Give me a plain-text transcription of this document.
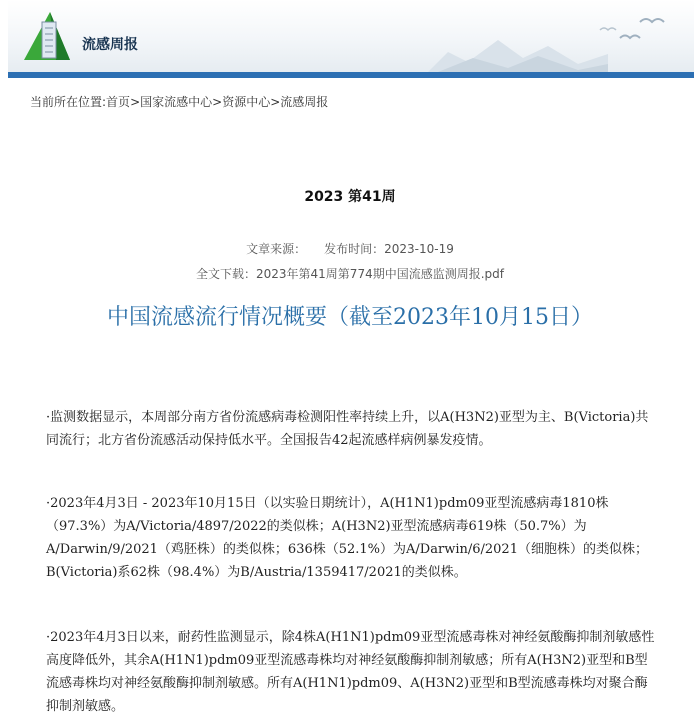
流感周报
当前所在位置:首页>国家流感中心>资源中心>流感周报
2023 第41周
文章来源： 发布时间：2023-10-19
全文下载：2023年第41周第774期中国流感监测周报.pdf
中国流感流行情况概要（截至2023年10月15日）
·监测数据显示，本周部分南方省份流感病毒检测阳性率持续上升，以A(H3N2)亚型为主、B(Victoria)共同流行；北方省份流感活动保持低水平。全国报告42起流感样病例暴发疫情。
·2023年4月3日 - 2023年10月15日（以实验日期统计），A(H1N1)pdm09亚型流感病毒1810株（97.3%）为A/Victoria/4897/2022的类似株；A(H3N2)亚型流感病毒619株（50.7%）为A/Darwin/9/2021（鸡胚株）的类似株；636株（52.1%）为A/Darwin/6/2021（细胞株）的类似株；B(Victoria)系62株（98.4%）为B/Austria/1359417/2021的类似株。
·2023年4月3日以来，耐药性监测显示，除4株A(H1N1)pdm09亚型流感毒株对神经氨酸酶抑制剂敏感性高度降低外，其余A(H1N1)pdm09亚型流感毒株均对神经氨酸酶抑制剂敏感；所有A(H3N2)亚型和B型流感毒株均对神经氨酸酶抑制剂敏感。所有A(H1N1)pdm09、A(H3N2)亚型和B型流感毒株均对聚合酶抑制剂敏感。
